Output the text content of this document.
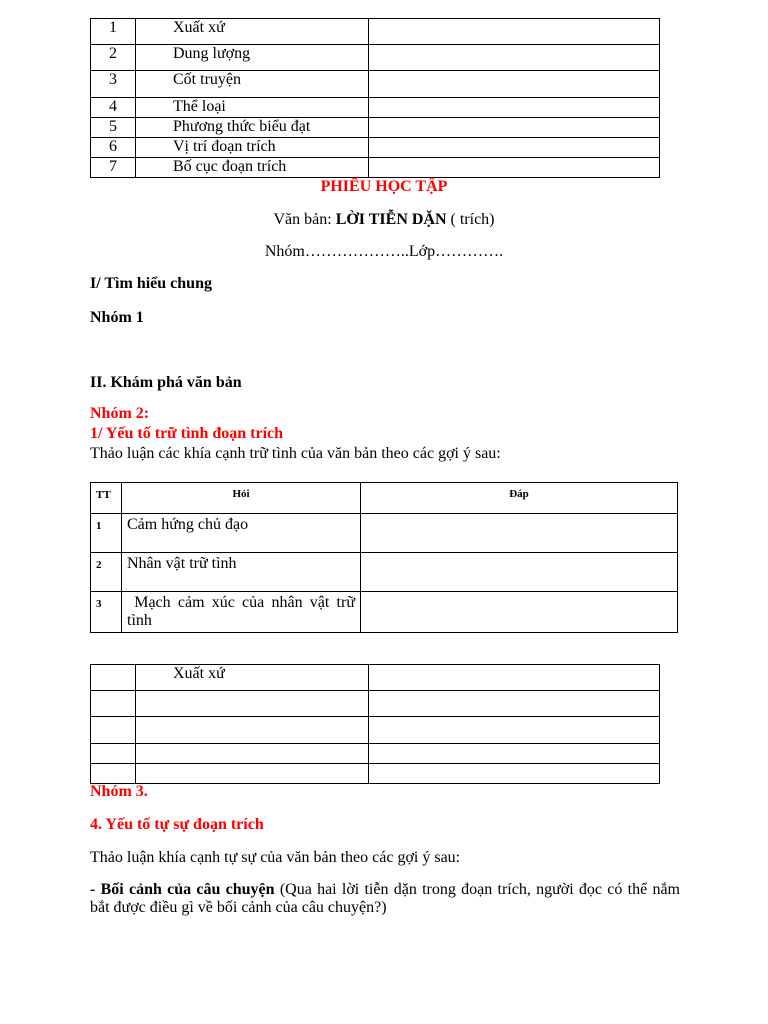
1	Xuất xứ	
2	Dung lượng	
3	Cốt truyện	
4	Thể loại	
5	Phương thức biểu đạt	
6	Vị trí đoạn trích	
7	Bố cục đoạn trích	
PHIẾU HỌC TẬP
Văn bản: LỜI TIỄN DẶN ( trích)
Nhóm………………..Lớp………….
I/ Tìm hiểu chung
Nhóm 1
II. Khám phá văn bản
Nhóm 2:
1/ Yếu tố trữ tình đoạn trích
Thảo luận các khía cạnh trữ tình của văn bản theo các gợi ý sau:
TT	Hỏi	Đáp
1	Cảm hứng chủ đạo	
2	Nhân vật trữ tình	
3	Mạch cảm xúc của nhân vật trữ tình	
	Xuất xứ	

Nhóm 3.
4. Yếu tố tự sự đoạn trích
Thảo luận khía cạnh tự sự của văn bản theo các gợi ý sau:
- Bối cảnh của câu chuyện (Qua hai lời tiễn dặn trong đoạn trích, người đọc có thể nắm bắt được điều gì về bối cảnh của câu chuyện?)
